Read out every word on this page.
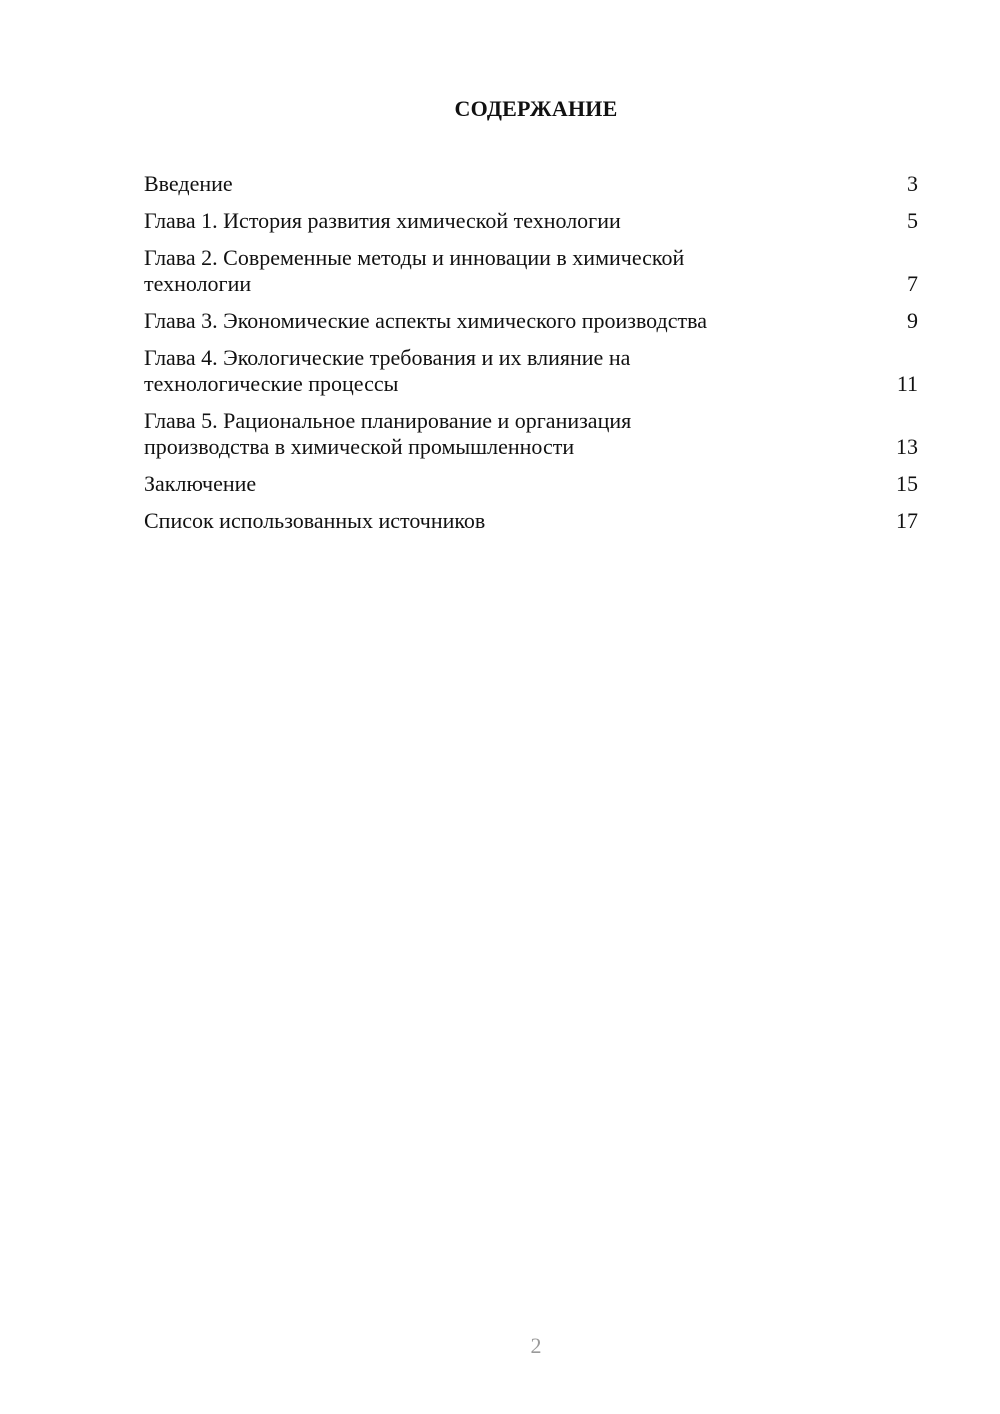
СОДЕРЖАНИЕ
Введение	3
Глава 1. История развития химической технологии	5
Глава 2. Современные методы и инновации в химической технологии	7
Глава 3. Экономические аспекты химического производства	9
Глава 4. Экологические требования и их влияние на технологические процессы	11
Глава 5. Рациональное планирование и организация производства в химической промышленности	13
Заключение	15
Список использованных источников	17
2
